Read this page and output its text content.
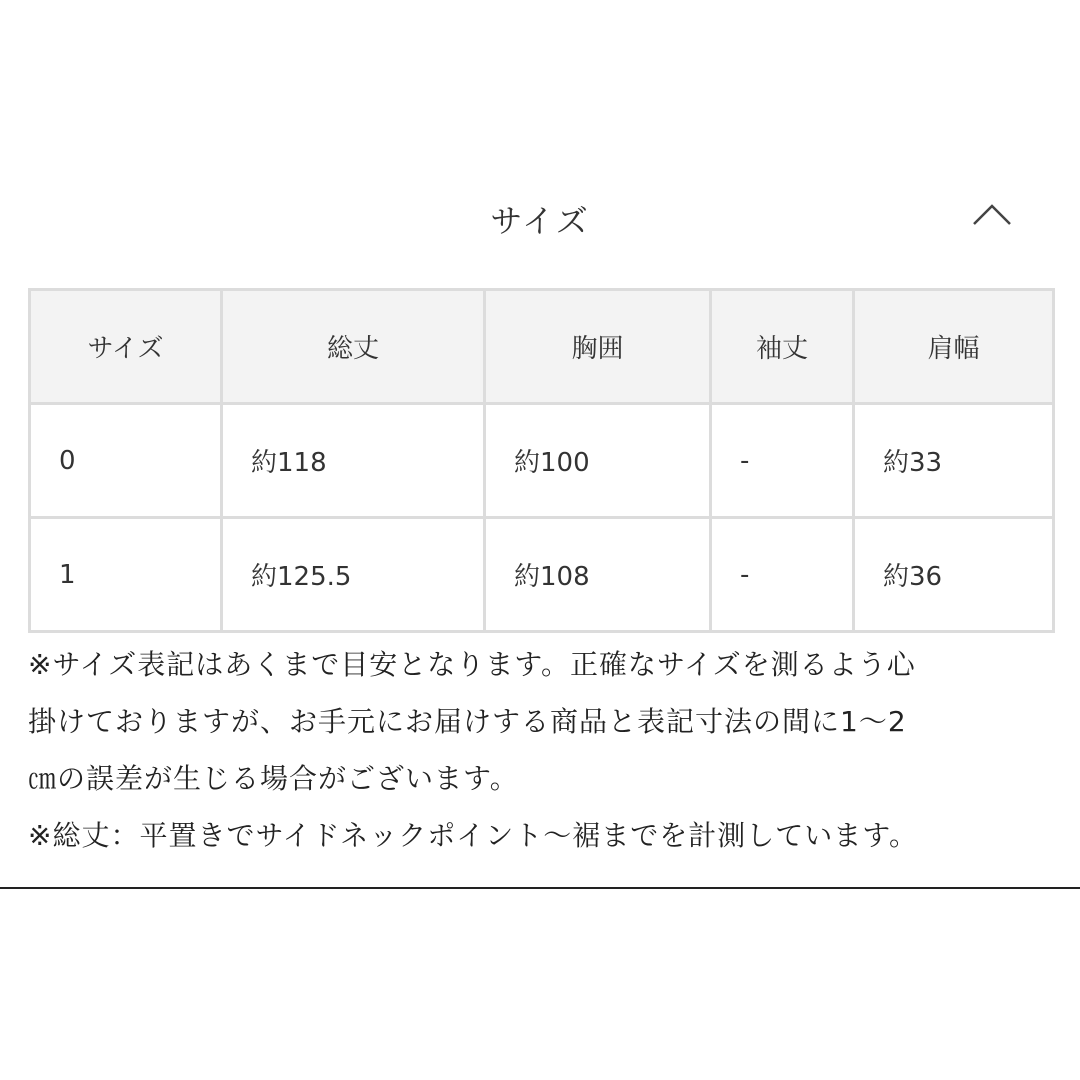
サイズ
サイズ	総丈	胸囲	袖丈	肩幅
0	約118	約100	-	約33
1	約125.5	約108	-	約36

※サイズ表記はあくまで目安となります。正確なサイズを測るよう心

掛けておりますが、お手元にお届けする商品と表記寸法の間に1〜2

㎝の誤差が生じる場合がございます。

※総丈：平置きでサイドネックポイント〜裾までを計測しています。
